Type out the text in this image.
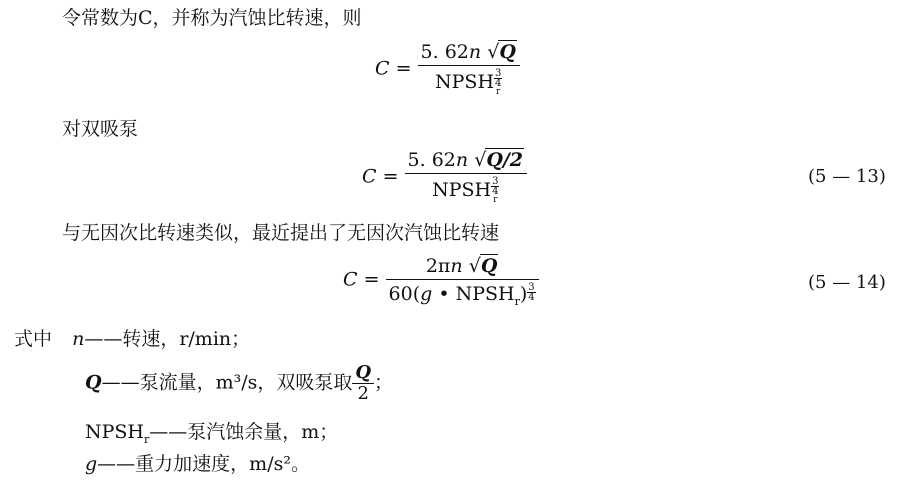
令常数为C，并称为汽蚀比转速，则
C = 5. 62n √Q
NPSH 3
4
r
对双吸泵
C = 5. 62n √Q/2
NPSH 3
4
r	(5 — 13)
与无因次比转速类似，最近提出了无因次汽蚀比转速
$C = \frac{2\pi n √Q}{60(g • NPSH_r) \frac{3}{4}}$	(5 — 14)
式中 n——转速，r/min；
Q——泵流量，m³/s，双吸泵取 $\frac{Q}{2}$ ；
$NPSH_r——$泵汽蚀余量，m；
g——重力加速度，m/s²。
